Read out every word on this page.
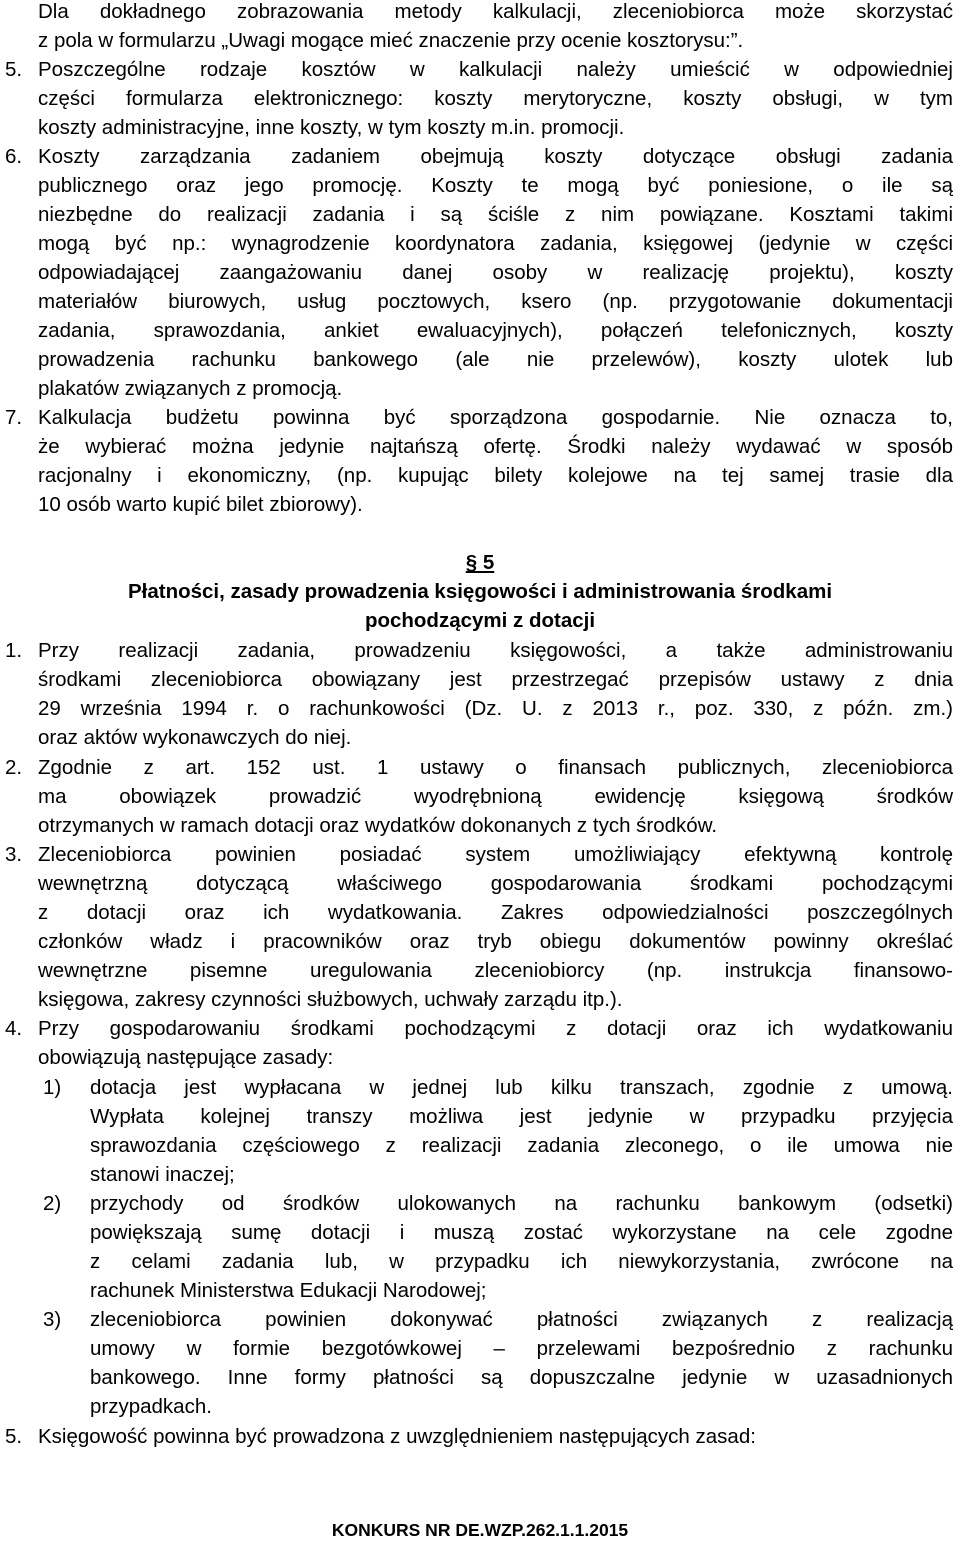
Dla dokładnego zobrazowania metody kalkulacji, zleceniobiorca może skorzystać
z pola w formularzu „Uwagi mogące mieć znaczenie przy ocenie kosztorysu:”.
5. Poszczególne rodzaje kosztów w kalkulacji należy umieścić w odpowiedniej
części formularza elektronicznego: koszty merytoryczne, koszty obsługi, w tym
koszty administracyjne, inne koszty, w tym koszty m.in. promocji.
6. Koszty zarządzania zadaniem obejmują koszty dotyczące obsługi zadania
publicznego oraz jego promocję. Koszty te mogą być poniesione, o ile są
niezbędne do realizacji zadania i są ściśle z nim powiązane. Kosztami takimi
mogą być np.: wynagrodzenie koordynatora zadania, księgowej (jedynie w części
odpowiadającej zaangażowaniu danej osoby w realizację projektu), koszty
materiałów biurowych, usług pocztowych, ksero (np. przygotowanie dokumentacji
zadania, sprawozdania, ankiet ewaluacyjnych), połączeń telefonicznych, koszty
prowadzenia rachunku bankowego (ale nie przelewów), koszty ulotek lub
plakatów związanych z promocją.
7. Kalkulacja budżetu powinna być sporządzona gospodarnie. Nie oznacza to,
że wybierać można jedynie najtańszą ofertę. Środki należy wydawać w sposób
racjonalny i ekonomiczny, (np. kupując bilety kolejowe na tej samej trasie dla
10 osób warto kupić bilet zbiorowy).
§ 5
Płatności, zasady prowadzenia księgowości i administrowania środkami
pochodzącymi z dotacji
1. Przy realizacji zadania, prowadzeniu księgowości, a także administrowaniu
środkami zleceniobiorca obowiązany jest przestrzegać przepisów ustawy z dnia
29 września 1994 r. o rachunkowości (Dz. U. z 2013 r., poz. 330, z późn. zm.)
oraz aktów wykonawczych do niej.
2. Zgodnie z art. 152 ust. 1 ustawy o finansach publicznych, zleceniobiorca
ma obowiązek prowadzić wyodrębnioną ewidencję księgową środków
otrzymanych w ramach dotacji oraz wydatków dokonanych z tych środków.
3. Zleceniobiorca powinien posiadać system umożliwiający efektywną kontrolę
wewnętrzną dotyczącą właściwego gospodarowania środkami pochodzącymi
z dotacji oraz ich wydatkowania. Zakres odpowiedzialności poszczególnych
członków władz i pracowników oraz tryb obiegu dokumentów powinny określać
wewnętrzne pisemne uregulowania zleceniobiorcy (np. instrukcja finansowo-
księgowa, zakresy czynności służbowych, uchwały zarządu itp.).
4. Przy gospodarowaniu środkami pochodzącymi z dotacji oraz ich wydatkowaniu
obowiązują następujące zasady:
1) dotacja jest wypłacana w jednej lub kilku transzach, zgodnie z umową.
Wypłata kolejnej transzy możliwa jest jedynie w przypadku przyjęcia
sprawozdania częściowego z realizacji zadania zleconego, o ile umowa nie
stanowi inaczej;
2) przychody od środków ulokowanych na rachunku bankowym (odsetki)
powiększają sumę dotacji i muszą zostać wykorzystane na cele zgodne
z celami zadania lub, w przypadku ich niewykorzystania, zwrócone na
rachunek Ministerstwa Edukacji Narodowej;
3) zleceniobiorca powinien dokonywać płatności związanych z realizacją
umowy w formie bezgotówkowej – przelewami bezpośrednio z rachunku
bankowego. Inne formy płatności są dopuszczalne jedynie w uzasadnionych
przypadkach.
5. Księgowość powinna być prowadzona z uwzględnieniem następujących zasad:
KONKURS NR DE.WZP.262.1.1.2015
